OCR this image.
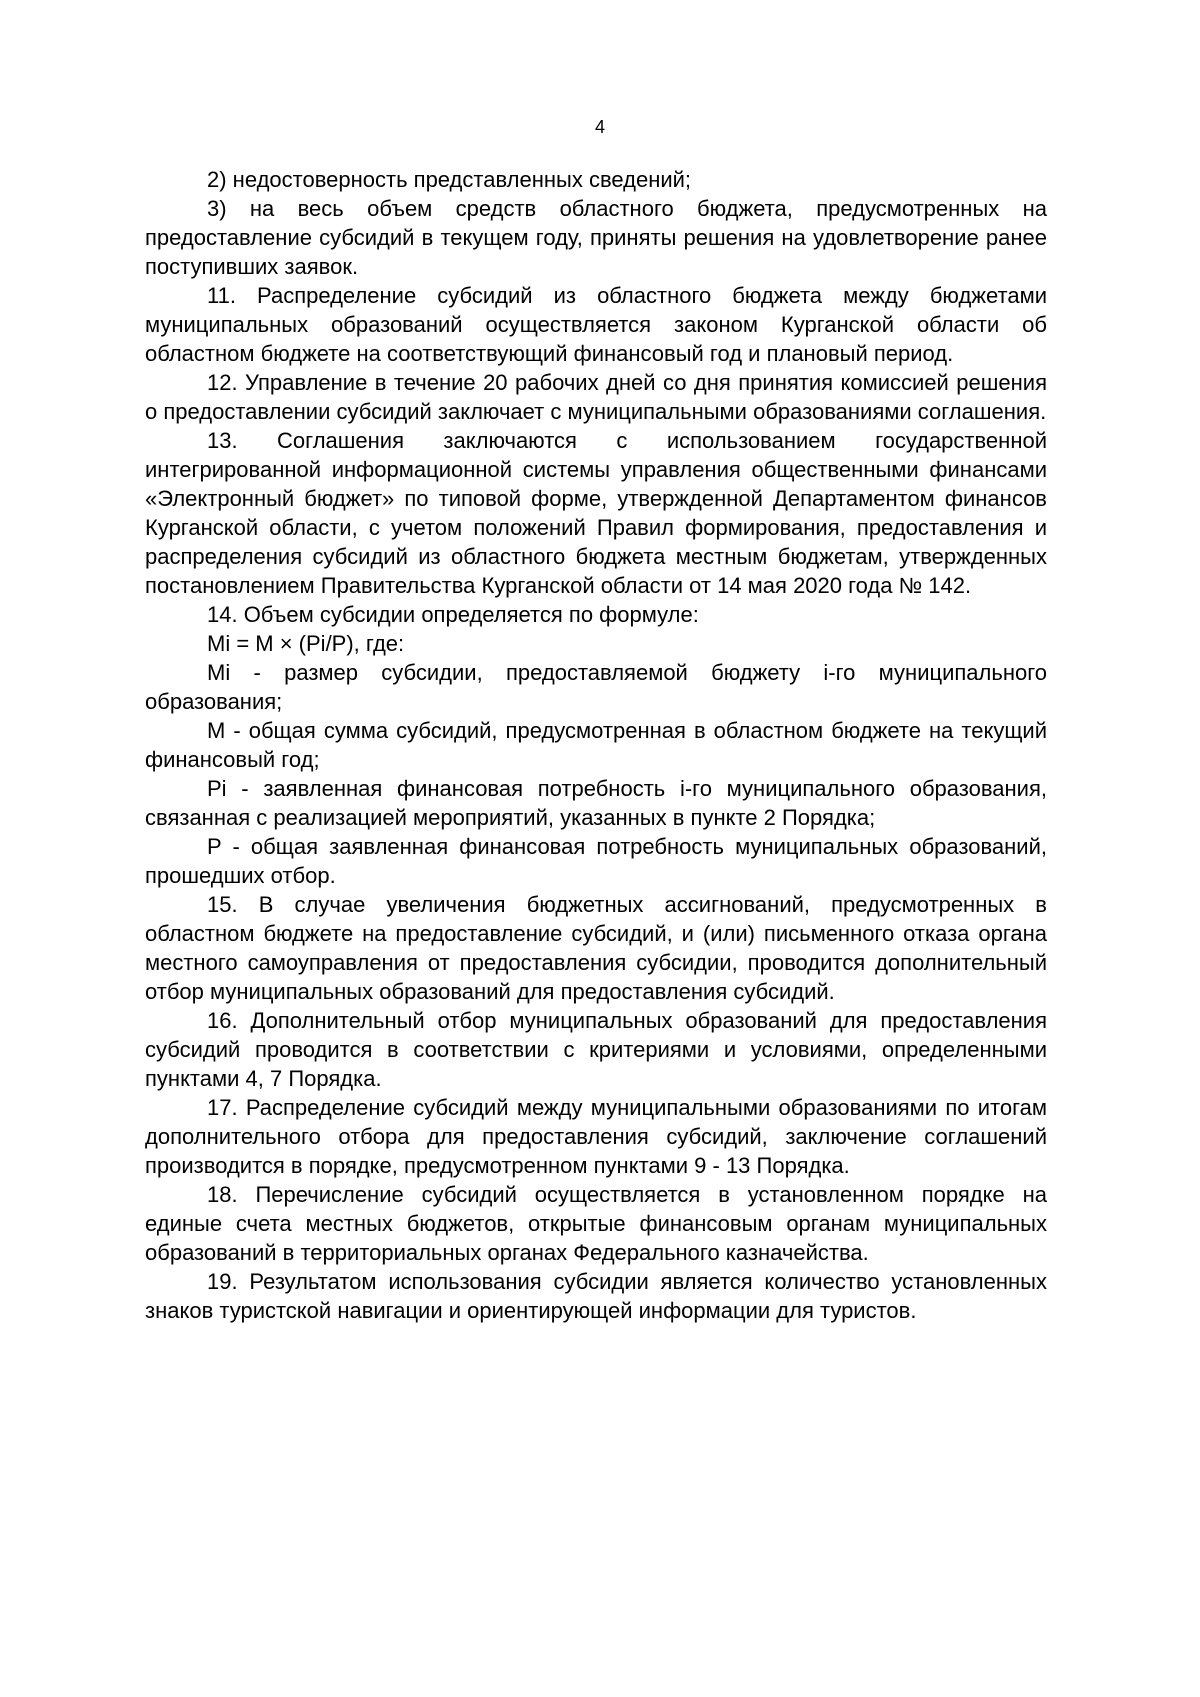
4

2) недостоверность представленных сведений;

3) на весь объем средств областного бюджета, предусмотренных на предоставление субсидий в текущем году, приняты решения на удовлетворение ранее поступивших заявок.

11. Распределение субсидий из областного бюджета между бюджетами муниципальных образований осуществляется законом Курганской области об областном бюджете на соответствующий финансовый год и плановый период.

12. Управление в течение 20 рабочих дней со дня принятия комиссией решения о предоставлении субсидий заключает с муниципальными образованиями соглашения.

13. Соглашения заключаются с использованием государственной интегрированной информационной системы управления общественными финансами «Электронный бюджет» по типовой форме, утвержденной Департаментом финансов Курганской области, с учетом положений Правил формирования, предоставления и распределения субсидий из областного бюджета местным бюджетам, утвержденных постановлением Правительства Курганской области от 14 мая 2020 года № 142.

14. Объем субсидии определяется по формуле:

Mi = M × (Pi/P), где:

Mi - размер субсидии, предоставляемой бюджету i-го муниципального образования;

M - общая сумма субсидий, предусмотренная в областном бюджете на текущий финансовый год;

Pi - заявленная финансовая потребность i-го муниципального образования, связанная с реализацией мероприятий, указанных в пункте 2 Порядка;

P - общая заявленная финансовая потребность муниципальных образований, прошедших отбор.

15. В случае увеличения бюджетных ассигнований, предусмотренных в областном бюджете на предоставление субсидий, и (или) письменного отказа органа местного самоуправления от предоставления субсидии, проводится дополнительный отбор муниципальных образований для предоставления субсидий.

16. Дополнительный отбор муниципальных образований для предоставления субсидий проводится в соответствии с критериями и условиями, определенными пунктами 4, 7 Порядка.

17. Распределение субсидий между муниципальными образованиями по итогам дополнительного отбора для предоставления субсидий, заключение соглашений производится в порядке, предусмотренном пунктами 9 - 13 Порядка.

18. Перечисление субсидий осуществляется в установленном порядке на единые счета местных бюджетов, открытые финансовым органам муниципальных образований в территориальных органах Федерального казначейства.

19. Результатом использования субсидии является количество установленных знаков туристской навигации и ориентирующей информации для туристов.
